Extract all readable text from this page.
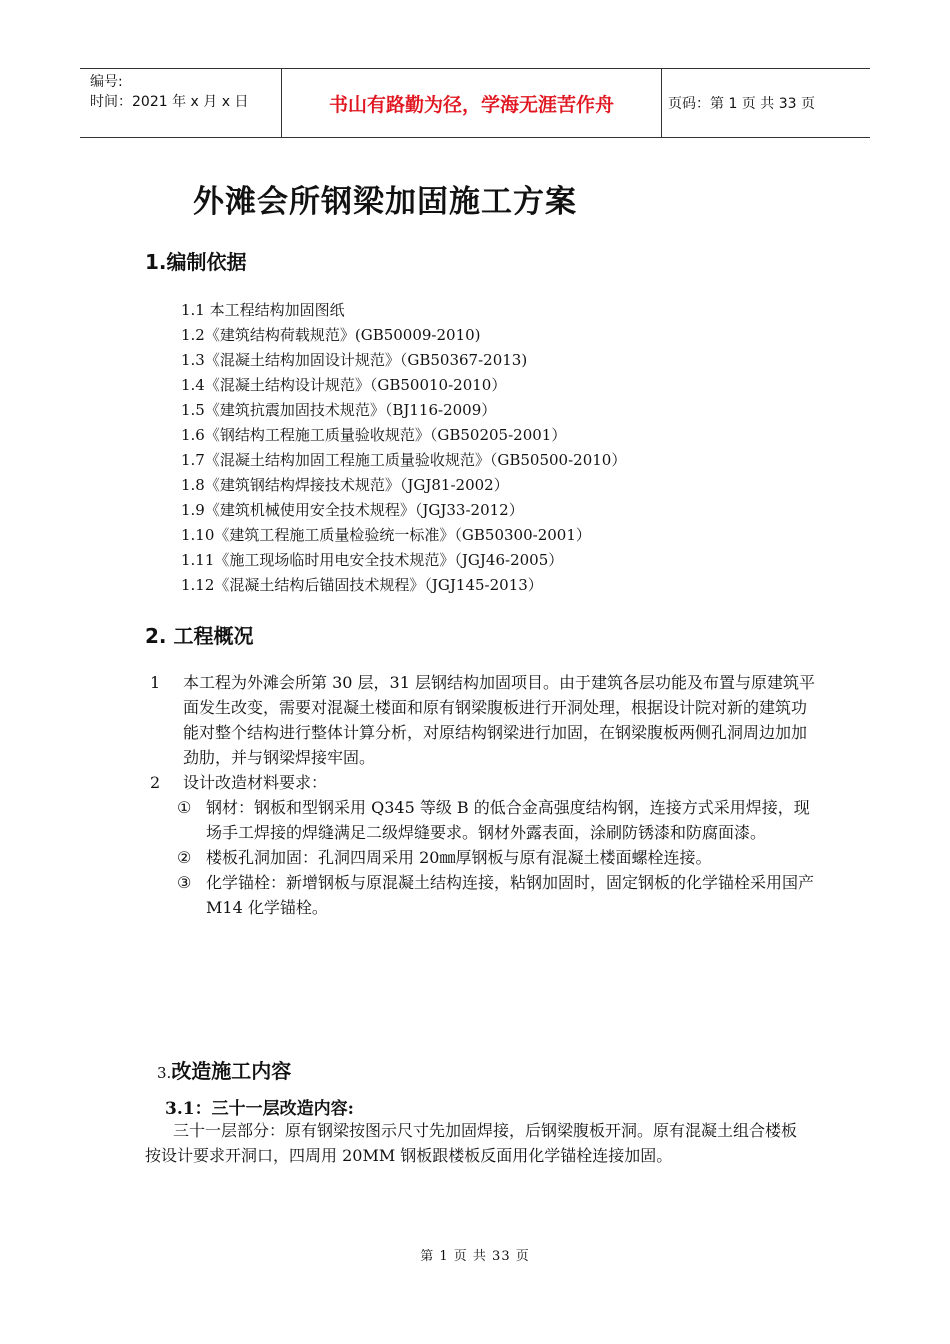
编号:
时间：2021 年 x 月 x 日	书山有路勤为径，学海无涯苦作舟	页码：第 1 页 共 33 页
外滩会所钢梁加固施工方案
1.编制依据
1.1 本工程结构加固图纸
1.2《建筑结构荷载规范》(GB50009-2010)
1.3《混凝土结构加固设计规范》（GB50367-2013)
1.4《混凝土结构设计规范》（GB50010-2010）
1.5《建筑抗震加固技术规范》（BJ116-2009）
1.6《钢结构工程施工质量验收规范》（GB50205-2001）
1.7《混凝土结构加固工程施工质量验收规范》（GB50500-2010）
1.8《建筑钢结构焊接技术规范》（JGJ81-2002）
1.9《建筑机械使用安全技术规程》（JGJ33-2012）
1.10《建筑工程施工质量检验统一标准》（GB50300-2001）
1.11《施工现场临时用电安全技术规范》（JGJ46-2005）
1.12《混凝土结构后锚固技术规程》（JGJ145-2013）
2. 工程概况
1	本工程为外滩会所第 30 层，31 层钢结构加固项目。由于建筑各层功能及布置与原建筑平面发生改变，需要对混凝土楼面和原有钢梁腹板进行开洞处理，根据设计院对新的建筑功能对整个结构进行整体计算分析，对原结构钢梁进行加固，在钢梁腹板两侧孔洞周边加加劲肋，并与钢梁焊接牢固。
2	设计改造材料要求：
① 钢材：钢板和型钢采用 Q345 等级 B 的低合金高强度结构钢，连接方式采用焊接，现场手工焊接的焊缝满足二级焊缝要求。钢材外露表面，涂刷防锈漆和防腐面漆。
② 楼板孔洞加固：孔洞四周采用 20㎜厚钢板与原有混凝土楼面螺栓连接。
③ 化学锚栓：新增钢板与原混凝土结构连接，粘钢加固时，固定钢板的化学锚栓采用国产 M14 化学锚栓。
3.改造施工内容
3.1：三十一层改造内容:

三十一层部分：原有钢梁按图示尺寸先加固焊接，后钢梁腹板开洞。原有混凝土组合楼板按设计要求开洞口，四周用 20MM 钢板跟楼板反面用化学锚栓连接加固。

第 1 页 共 33 页
